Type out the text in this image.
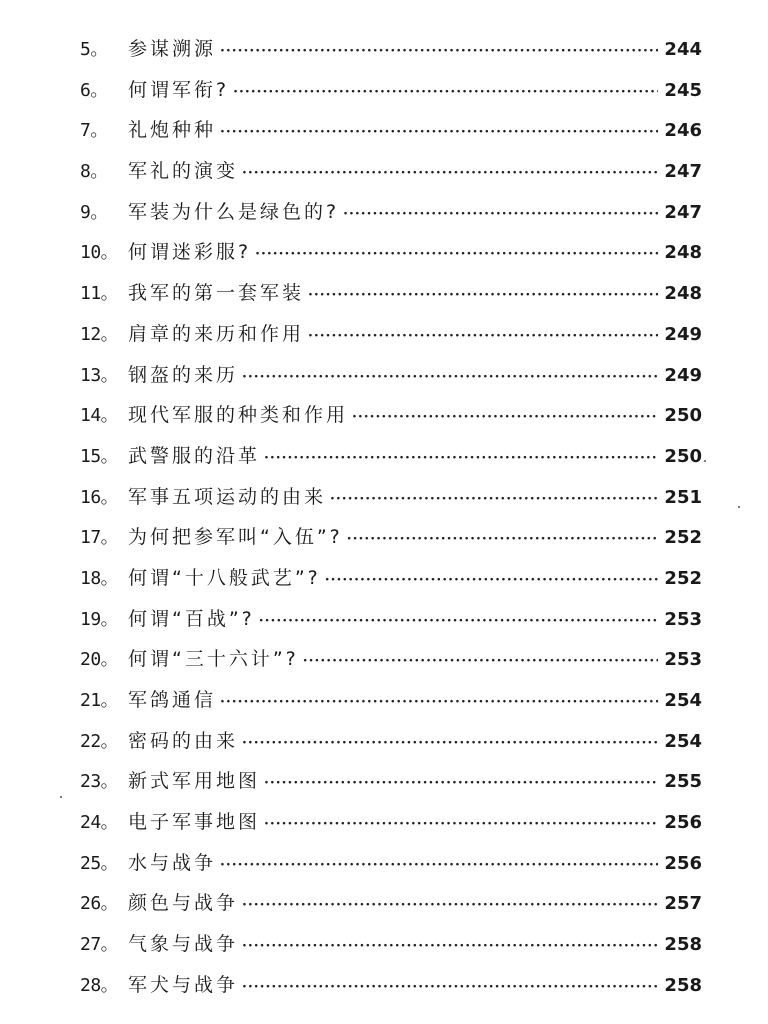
5。	参谋溯源 ·····	244
6。	何谓军衔? ·····	245
7。	礼炮种种 ·····	246
8。	军礼的演变 ·····	247
9。	军装为什么是绿色的? ·····	247
10。 何谓迷彩服? ·····	248
11。 我军的第一套军装 ·····	248
12。 肩章的来历和作用 ·····	249
13。 钢盔的来历 ·····	249
14。 现代军服的种类和作用 ·····	250
15。 武警服的沿革 ·····	250
16。 军事五项运动的由来 ·····	251
17。 为何把参军叫“入伍”? ·····	252
18。 何谓“十八般武艺”? ·····	252
19。 何谓“百战”? ·····	253
20。 何谓“三十六计”? ·····	253
21。 军鸽通信 ·····	254
22。 密码的由来 ·····	254
23。 新式军用地图 ·····	255
24。 电子军事地图 ·····	256
25。 水与战争 ·····	256
26。 颜色与战争 ·····	257
27。 气象与战争 ·····	258
28。 军犬与战争 ·····	258
